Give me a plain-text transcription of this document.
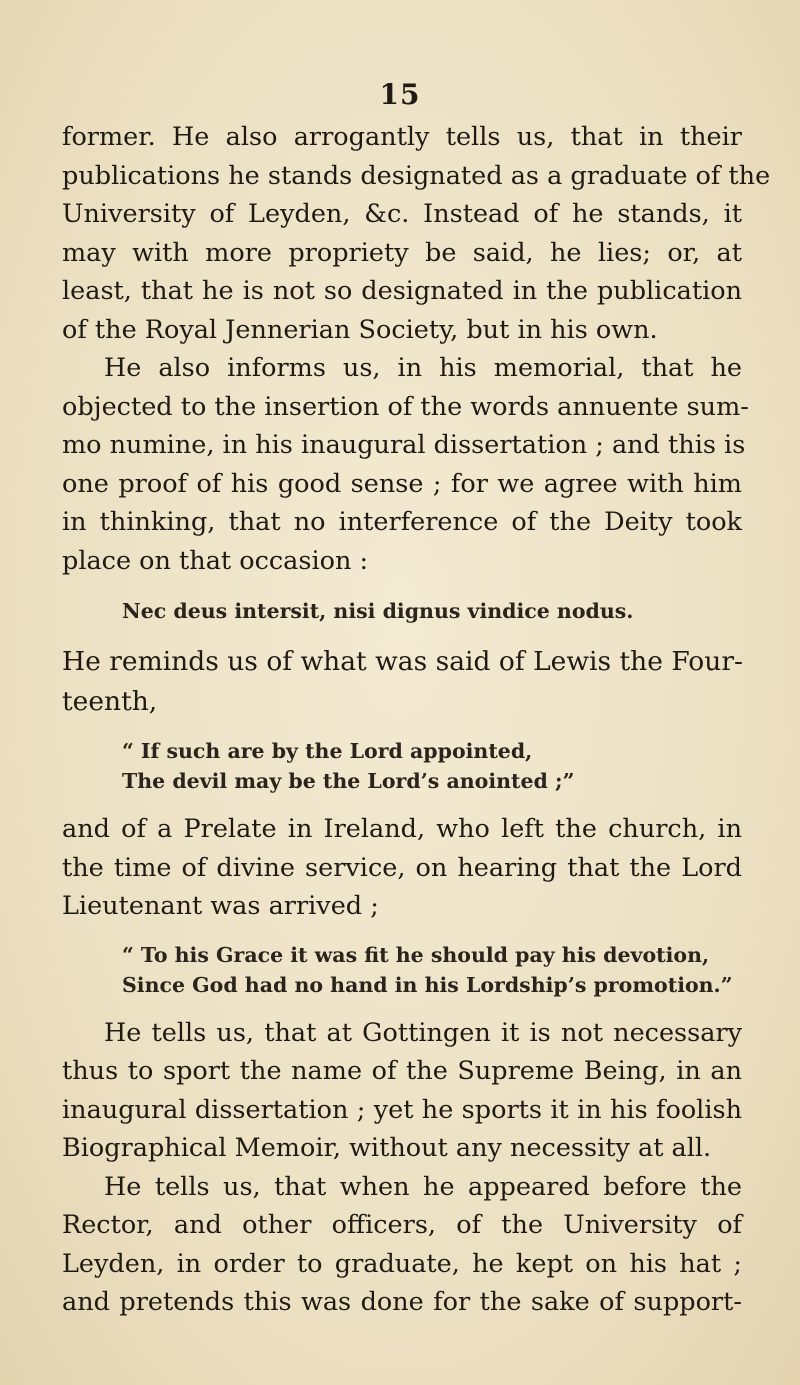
15
former. He also arrogantly tells us, that in their
publications he stands designated as a graduate of the
University of Leyden, &c. Instead of he stands, it
may with more propriety be said, he lies; or, at
least, that he is not so designated in the publication
of the Royal Jennerian Society, but in his own.
He also informs us, in his memorial, that he
objected to the insertion of the words annuente sum-
mo numine, in his inaugural dissertation ; and this is
one proof of his good sense ; for we agree with him
in thinking, that no interference of the Deity took
place on that occasion :
Nec deus intersit, nisi dignus vindice nodus.
He reminds us of what was said of Lewis the Four-
teenth,
“ If such are by the Lord appointed,
The devil may be the Lord’s anointed ;”
and of a Prelate in Ireland, who left the church, in
the time of divine service, on hearing that the Lord
Lieutenant was arrived ;
“ To his Grace it was fit he should pay his devotion,
Since God had no hand in his Lordship’s promotion.”
He tells us, that at Gottingen it is not necessary
thus to sport the name of the Supreme Being, in an
inaugural dissertation ; yet he sports it in his foolish
Biographical Memoir, without any necessity at all.
He tells us, that when he appeared before the
Rector, and other officers, of the University of
Leyden, in order to graduate, he kept on his hat ;
and pretends this was done for the sake of support-
